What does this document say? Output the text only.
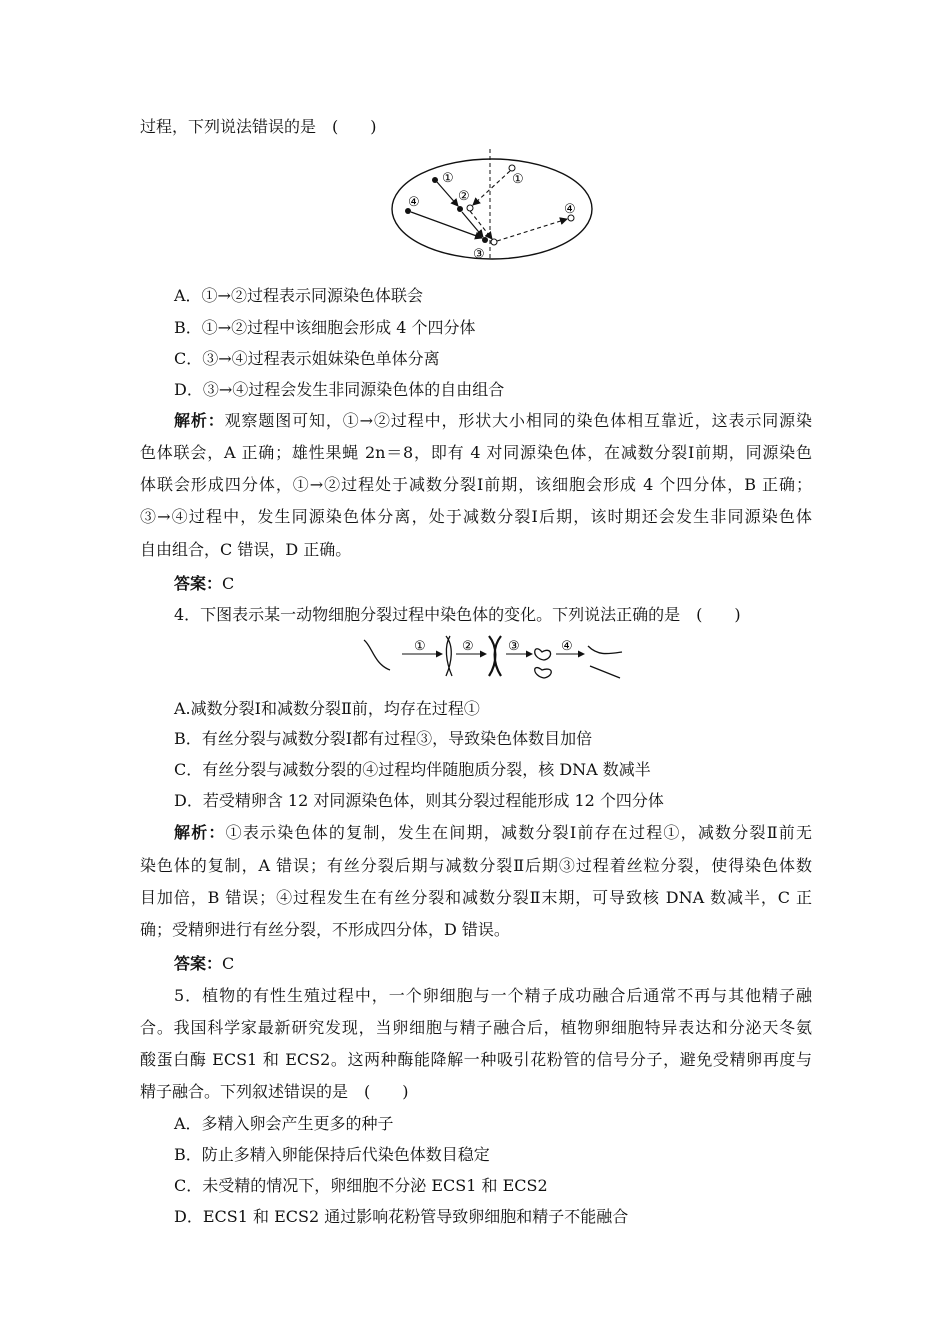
过程，下列说法错误的是　(　　)
①	①
②
③
④	④
A．①→②过程表示同源染色体联会
B．①→②过程中该细胞会形成 4 个四分体
C．③→④过程表示姐妹染色单体分离
D．③→④过程会发生非同源染色体的自由组合
解析：观察题图可知，①→②过程中，形状大小相同的染色体相互靠近，这表示同源染
色体联会，A 正确；雄性果蝇 2n＝8，即有 4 对同源染色体，在减数分裂Ⅰ前期，同源染色
体联会形成四分体，①→②过程处于减数分裂Ⅰ前期，该细胞会形成 4 个四分体，B 正确；
③→④过程中，发生同源染色体分离，处于减数分裂Ⅰ后期，该时期还会发生非同源染色体
自由组合，C 错误，D 正确。
答案：C
4．下图表示某一动物细胞分裂过程中染色体的变化。下列说法正确的是　(　　)
①	②	③	④
A.减数分裂Ⅰ和减数分裂Ⅱ前，均存在过程①
B．有丝分裂与减数分裂Ⅰ都有过程③，导致染色体数目加倍
C．有丝分裂与减数分裂的④过程均伴随胞质分裂，核 DNA 数减半
D．若受精卵含 12 对同源染色体，则其分裂过程能形成 12 个四分体
解析：①表示染色体的复制，发生在间期，减数分裂Ⅰ前存在过程①，减数分裂Ⅱ前无
染色体的复制，A 错误；有丝分裂后期与减数分裂Ⅱ后期③过程着丝粒分裂，使得染色体数
目加倍，B 错误；④过程发生在有丝分裂和减数分裂Ⅱ末期，可导致核 DNA 数减半，C 正
确；受精卵进行有丝分裂，不形成四分体，D 错误。
答案：C
5．植物的有性生殖过程中，一个卵细胞与一个精子成功融合后通常不再与其他精子融
合。我国科学家最新研究发现，当卵细胞与精子融合后，植物卵细胞特异表达和分泌天冬氨
酸蛋白酶 ECS1 和 ECS2。这两种酶能降解一种吸引花粉管的信号分子，避免受精卵再度与
精子融合。下列叙述错误的是　(　　)
A．多精入卵会产生更多的种子
B．防止多精入卵能保持后代染色体数目稳定
C．未受精的情况下，卵细胞不分泌 ECS1 和 ECS2
D．ECS1 和 ECS2 通过影响花粉管导致卵细胞和精子不能融合
